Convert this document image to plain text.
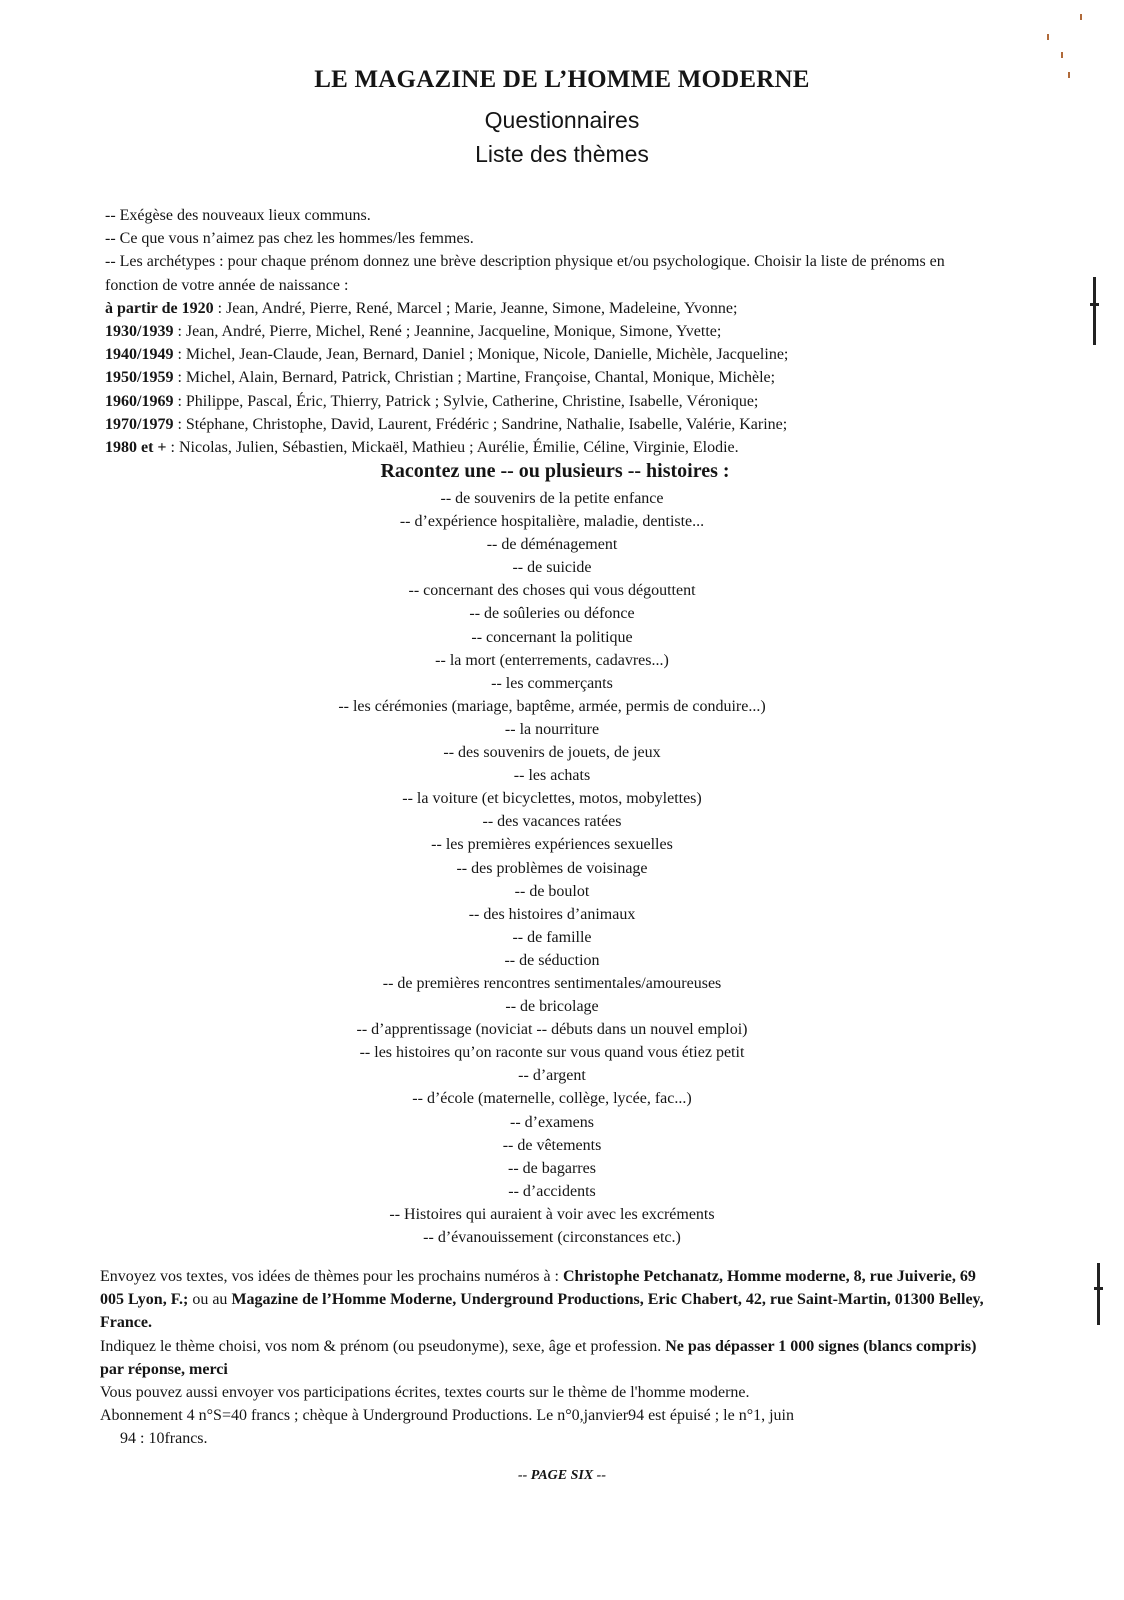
LE MAGAZINE DE L’HOMME MODERNE
Questionnaires
Liste des thèmes

-- Exégèse des nouveaux lieux communs.

-- Ce que vous n’aimez pas chez les hommes/les femmes.

-- Les archétypes : pour chaque prénom donnez une brève description physique et/ou psychologique. Choisir la liste de prénoms en fonction de votre année de naissance :

à partir de 1920 : Jean, André, Pierre, René, Marcel ; Marie, Jeanne, Simone, Madeleine, Yvonne;

1930/1939 : Jean, André, Pierre, Michel, René ; Jeannine, Jacqueline, Monique, Simone, Yvette;

1940/1949 : Michel, Jean-Claude, Jean, Bernard, Daniel ; Monique, Nicole, Danielle, Michèle, Jacqueline;

1950/1959 : Michel, Alain, Bernard, Patrick, Christian ; Martine, Françoise, Chantal, Monique, Michèle;

1960/1969 : Philippe, Pascal, Éric, Thierry, Patrick ; Sylvie, Catherine, Christine, Isabelle, Véronique;

1970/1979 : Stéphane, Christophe, David, Laurent, Frédéric ; Sandrine, Nathalie, Isabelle, Valérie, Karine;

1980 et + : Nicolas, Julien, Sébastien, Mickaël, Mathieu ; Aurélie, Émilie, Céline, Virginie, Elodie.

Racontez une -- ou plusieurs -- histoires :
-- de souvenirs de la petite enfance
-- d’expérience hospitalière, maladie, dentiste...
-- de déménagement
-- de suicide
-- concernant des choses qui vous dégouttent
-- de soûleries ou défonce
-- concernant la politique
-- la mort (enterrements, cadavres...)
-- les commerçants
-- les cérémonies (mariage, baptême, armée, permis de conduire...)
-- la nourriture
-- des souvenirs de jouets, de jeux
-- les achats
-- la voiture (et bicyclettes, motos, mobylettes)
-- des vacances ratées
-- les premières expériences sexuelles
-- des problèmes de voisinage
-- de boulot
-- des histoires d’animaux
-- de famille
-- de séduction
-- de premières rencontres sentimentales/amoureuses
-- de bricolage
-- d’apprentissage (noviciat -- débuts dans un nouvel emploi)
-- les histoires qu’on raconte sur vous quand vous étiez petit
-- d’argent
-- d’école (maternelle, collège, lycée, fac...)
-- d’examens
-- de vêtements
-- de bagarres
-- d’accidents
-- Histoires qui auraient à voir avec les excréments
-- d’évanouissement (circonstances etc.)

Envoyez vos textes, vos idées de thèmes pour les prochains numéros à : Christophe Petchanatz, Homme moderne, 8, rue Juiverie, 69 005 Lyon, F.; ou au Magazine de l’Homme Moderne, Underground Productions, Eric Chabert, 42, rue Saint-Martin, 01300 Belley, France.

Indiquez le thème choisi, vos nom & prénom (ou pseudonyme), sexe, âge et profession. Ne pas dépasser 1 000 signes (blancs compris) par réponse, merci

Vous pouvez aussi envoyer vos participations écrites, textes courts sur le thème de l'homme moderne.

Abonnement 4 n°S=40 francs ; chèque à Underground Productions. Le n°0,janvier94 est épuisé ; le n°1, juin

94 : 10francs.

-- PAGE SIX --
